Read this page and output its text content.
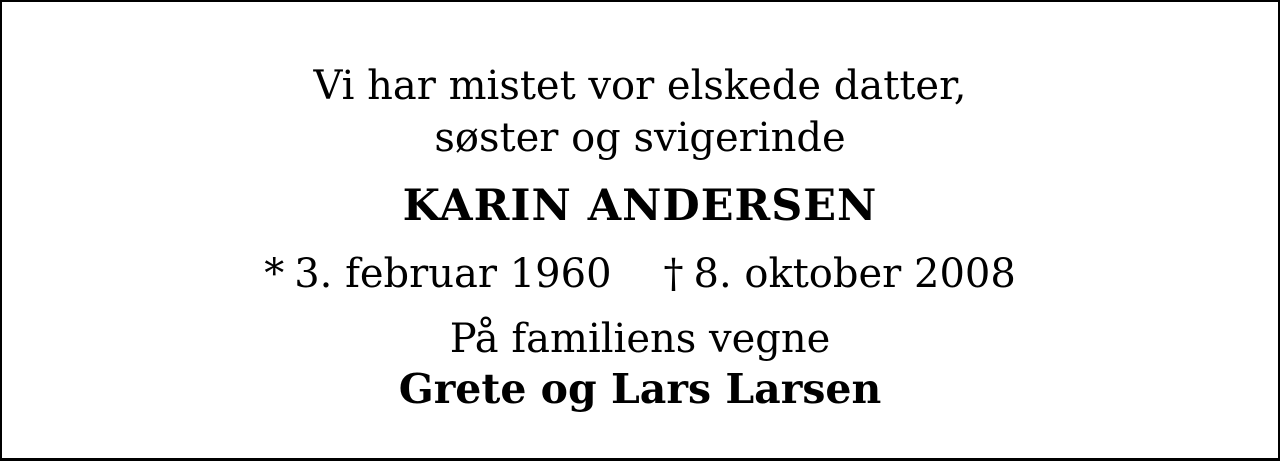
Vi har mistet vor elskede datter,
søster og svigerinde
KARIN ANDERSEN
* 3. februar 1960 † 8. oktober 2008
På familiens vegne
Grete og Lars Larsen
